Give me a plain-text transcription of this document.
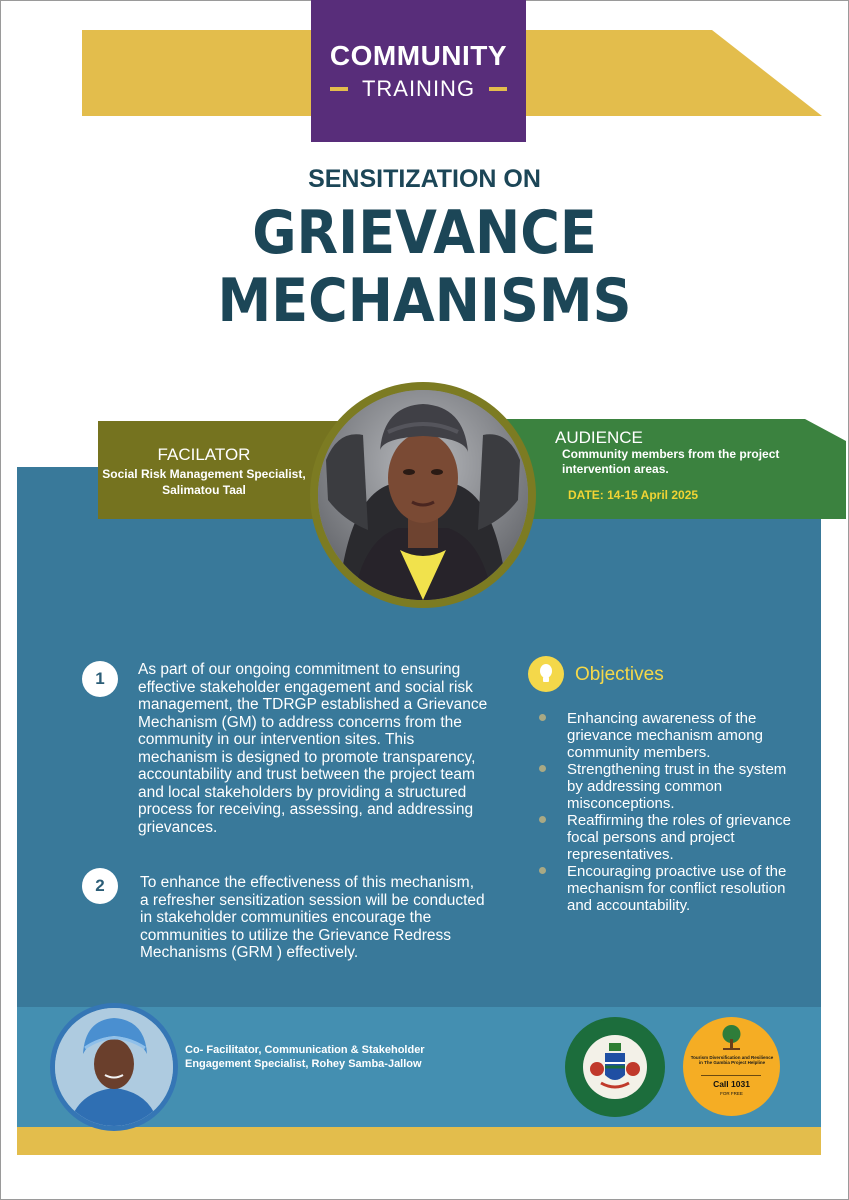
COMMUNITY
TRAINING
SENSITIZATION ON
GRIEVANCE
MECHANISMS
FACILATOR
Social Risk Management Specialist, Salimatou Taal
AUDIENCE
Community members from the project intervention areas.
DATE: 14-15 April 2025
1	As part of our ongoing commitment to ensuring effective stakeholder engagement and social risk management, the TDRGP established a Grievance Mechanism (GM) to address concerns from the community in our intervention sites. This mechanism is designed to promote transparency, accountability and trust between the project team and local stakeholders by providing a structured process for receiving, assessing, and addressing grievances.
2	To enhance the effectiveness of this mechanism, a refresher sensitization session will be conducted in stakeholder communities encourage the communities to utilize the Grievance Redress Mechanisms (GRM ) effectively.
Objectives
Enhancing awareness of the grievance mechanism among community members.
Strengthening trust in the system by addressing common misconceptions.
Reaffirming the roles of grievance focal persons and project representatives.
Encouraging proactive use of the mechanism for conflict resolution and accountability.
Co- Facilitator, Communication & Stakeholder Engagement Specialist, Rohey Samba-Jallow
Tourism Diversification and Resilience in The Gambia Project Helpline
Call 1031
FOR FREE
